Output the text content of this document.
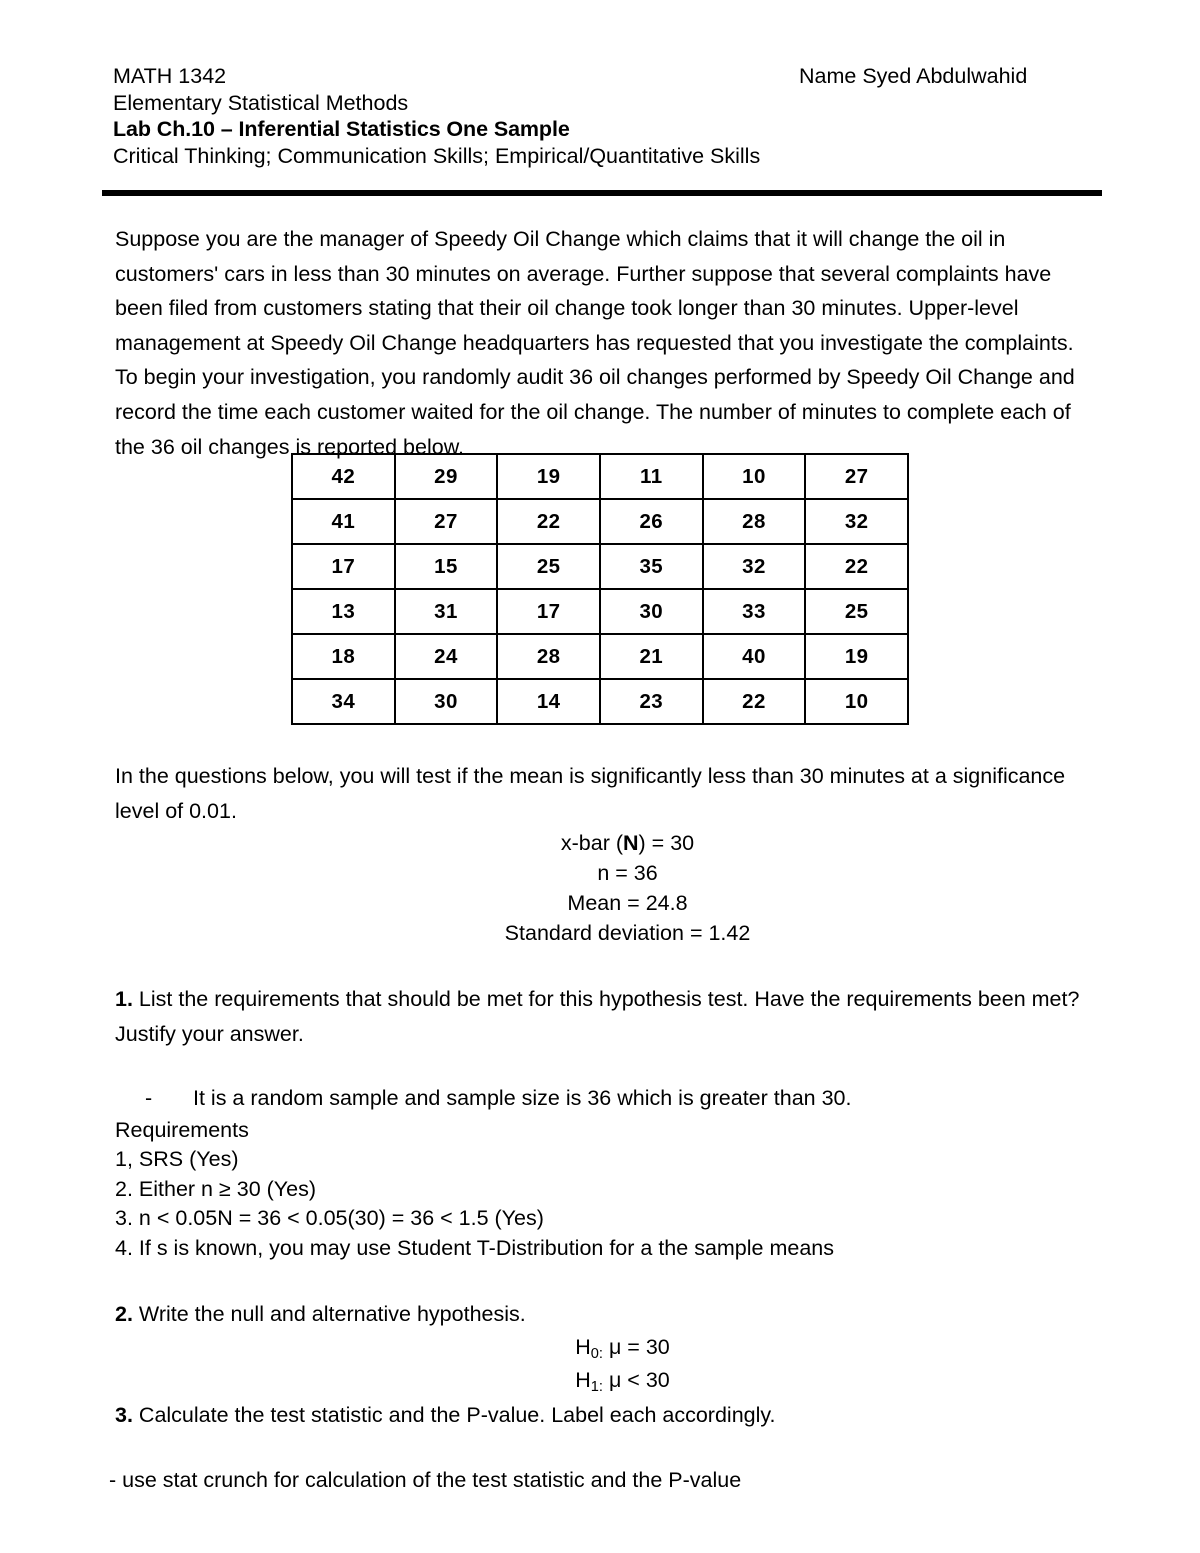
MATH 1342	Name Syed Abdulwahid
Elementary Statistical Methods
Lab Ch.10 – Inferential Statistics One Sample
Critical Thinking; Communication Skills; Empirical/Quantitative Skills

Suppose you are the manager of Speedy Oil Change which claims that it will change the oil in customers' cars in less than 30 minutes on average. Further suppose that several complaints have been filed from customers stating that their oil change took longer than 30 minutes. Upper-level management at Speedy Oil Change headquarters has requested that you investigate the complaints. To begin your investigation, you randomly audit 36 oil changes performed by Speedy Oil Change and record the time each customer waited for the oil change. The number of minutes to complete each of the 36 oil changes is reported below.

42	29	19	11	10	27
41	27	22	26	28	32
17	15	25	35	32	22
13	31	17	30	33	25
18	24	28	21	40	19
34	30	14	23	22	10

In the questions below, you will test if the mean is significantly less than 30 minutes at a significance level of 0.01.

x-bar (N) = 30
n = 36
Mean = 24.8
Standard deviation = 1.42

1. List the requirements that should be met for this hypothesis test. Have the requirements been met? Justify your answer.

- It is a random sample and sample size is 36 which is greater than 30.

Requirements

1, SRS (Yes)

2. Either n ≥ 30 (Yes)

3. n < 0.05N = 36 < 0.05(30) = 36 < 1.5 (Yes)

4. If s is known, you may use Student T-Distribution for a the sample means

2. Write the null and alternative hypothesis.

$H_{0:}$ μ = 30
$H_{1:}$ μ < 30

3. Calculate the test statistic and the P-value. Label each accordingly.

- use stat crunch for calculation of the test statistic and the P-value
